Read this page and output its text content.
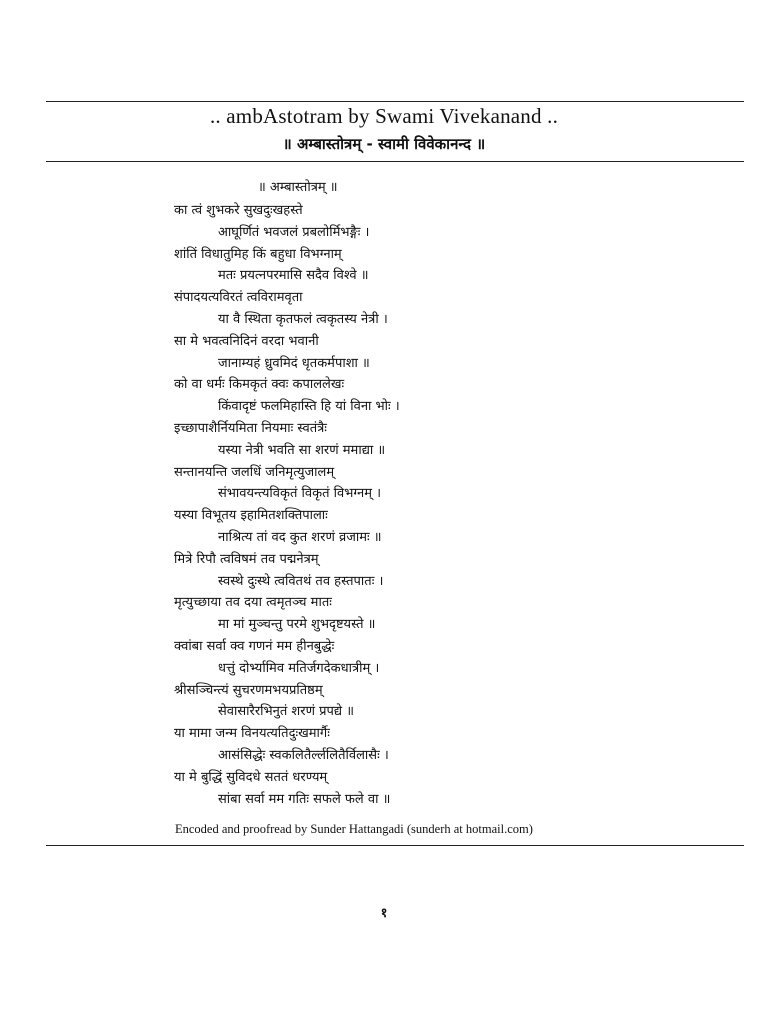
.. ambAstotram by Swami Vivekanand ..
॥ अम्बास्तोत्रम् - स्वामी विवेकानन्द ॥
॥ अम्बास्तोत्रम् ॥
का त्वं शुभकरे सुखदुःखहस्ते
आघूर्णितं भवजलं प्रबलोर्मिभङ्गैः ।
शांतिं विधातुमिह किं बहुधा विभग्नाम्
मतः प्रयत्नपरमासि सदैव विश्वे ॥
संपादयत्यविरतं त्वविरामवृता
या वै स्थिता कृतफलं त्वकृतस्य नेत्री ।
सा मे भवत्वनिदिनं वरदा भवानी
जानाम्यहं ध्रुवमिदं धृतकर्मपाशा ॥
को वा धर्मः किमकृतं क्वः कपाललेखः
किंवादृष्टं फलमिहास्ति हि यां विना भोः ।
इच्छापाशैर्नियमिता नियमाः स्वतंत्रैः
यस्या नेत्री भवति सा शरणं ममाद्या ॥
सन्तानयन्ति जलधिं जनिमृत्युजालम्
संभावयन्त्यविकृतं विकृतं विभग्नम् ।
यस्या विभूतय इहामितशक्तिपालाः
नाश्रित्य तां वद कुत शरणं व्रजामः ॥
मित्रे रिपौ त्वविषमं तव पद्मनेत्रम्
स्वस्थे दुःस्थे त्ववितथं तव हस्तपातः ।
मृत्युच्छाया तव दया त्वमृतञ्च मातः
मा मां मुञ्चन्तु परमे शुभदृष्टयस्ते ॥
क्वांबा सर्वा क्व गणनं मम हीनबुद्धेः
धत्तुं दोर्भ्यामिव मतिर्जगदेकधात्रीम् ।
श्रीसञ्चिन्त्यं सुचरणमभयप्रतिष्ठम्
सेवासारैरभिनुतं शरणं प्रपद्ये ॥
या मामा जन्म विनयत्यतिदुःखमार्गैः
आसंसिद्धेः स्वकलितैर्ल्ललितैर्विलासैः ।
या मे बुद्धिं सुविदधे सततं धरण्यम्
सांबा सर्वा मम गतिः सफले फले वा ॥
Encoded and proofread by Sunder Hattangadi (sunderh at hotmail.com)
१
